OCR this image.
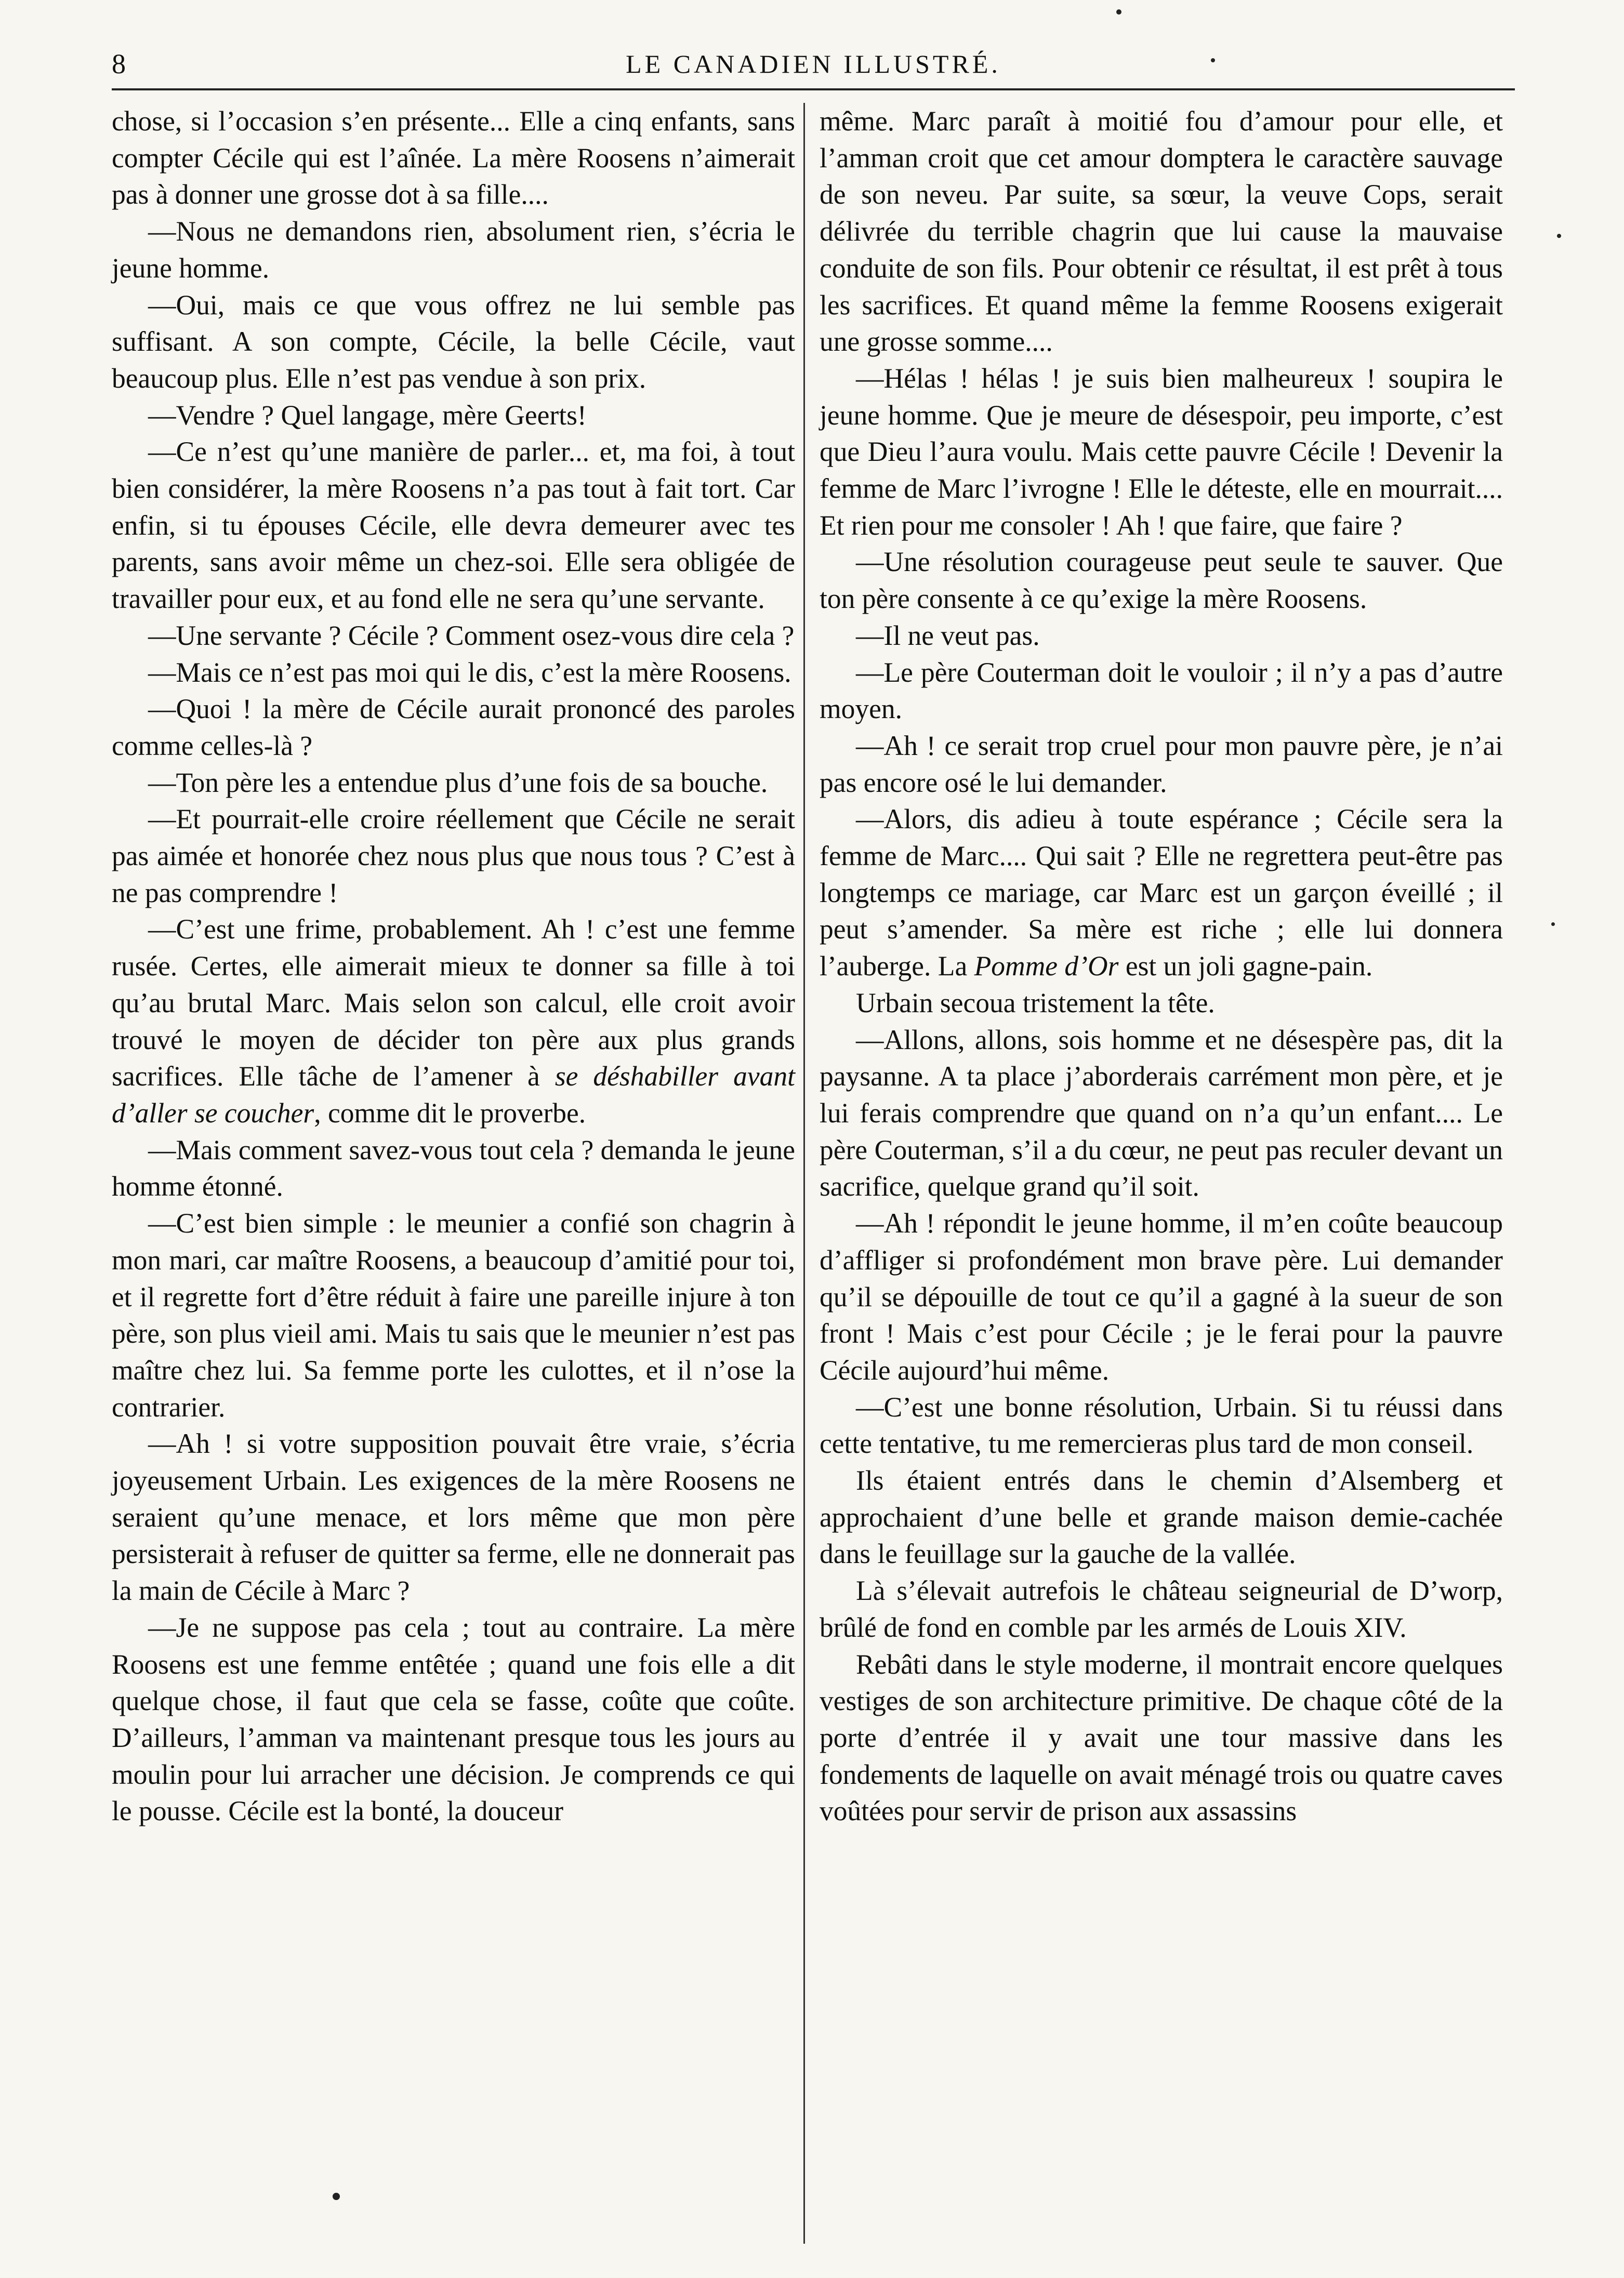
8	LE CANADIEN ILLUSTRÉ.

chose, si l’occasion s’en présente... Elle a cinq enfants, sans compter Cécile qui est l’aînée. La mère Roosens n’aimerait pas à donner une grosse dot à sa fille....

—Nous ne demandons rien, absolument rien, s’écria le jeune homme.

—Oui, mais ce que vous offrez ne lui semble pas suffisant. A son compte, Cécile, la belle Cécile, vaut beaucoup plus. Elle n’est pas vendue à son prix.

—Vendre ? Quel langage, mère Geerts!

—Ce n’est qu’une manière de parler... et, ma foi, à tout bien considérer, la mère Roosens n’a pas tout à fait tort. Car enfin, si tu épouses Cécile, elle devra demeurer avec tes parents, sans avoir même un chez-soi. Elle sera obligée de travailler pour eux, et au fond elle ne sera qu’une servante.

—Une servante ? Cécile ? Comment osez-vous dire cela ?

—Mais ce n’est pas moi qui le dis, c’est la mère Roosens.

—Quoi ! la mère de Cécile aurait prononcé des paroles comme celles-là ?

—Ton père les a entendue plus d’une fois de sa bouche.

—Et pourrait-elle croire réellement que Cécile ne serait pas aimée et honorée chez nous plus que nous tous ? C’est à ne pas comprendre !

—C’est une frime, probablement. Ah ! c’est une femme rusée. Certes, elle aimerait mieux te donner sa fille à toi qu’au brutal Marc. Mais selon son calcul, elle croit avoir trouvé le moyen de décider ton père aux plus grands sacrifices. Elle tâche de l’amener à se déshabiller avant d’aller se coucher, comme dit le proverbe.

—Mais comment savez-vous tout cela ? demanda le jeune homme étonné.

—C’est bien simple : le meunier a confié son chagrin à mon mari, car maître Roosens, a beaucoup d’amitié pour toi, et il regrette fort d’être réduit à faire une pareille injure à ton père, son plus vieil ami. Mais tu sais que le meunier n’est pas maître chez lui. Sa femme porte les culottes, et il n’ose la contrarier.

—Ah ! si votre supposition pouvait être vraie, s’écria joyeusement Urbain. Les exigences de la mère Roosens ne seraient qu’une menace, et lors même que mon père persisterait à refuser de quitter sa ferme, elle ne donnerait pas la main de Cécile à Marc ?

—Je ne suppose pas cela ; tout au contraire. La mère Roosens est une femme entêtée ; quand une fois elle a dit quelque chose, il faut que cela se fasse, coûte que coûte. D’ailleurs, l’amman va maintenant presque tous les jours au moulin pour lui arracher une décision. Je comprends ce qui le pousse. Cécile est la bonté, la douceur

même. Marc paraît à moitié fou d’amour pour elle, et l’amman croit que cet amour domptera le caractère sauvage de son neveu. Par suite, sa sœur, la veuve Cops, serait délivrée du terrible chagrin que lui cause la mauvaise conduite de son fils. Pour obtenir ce résultat, il est prêt à tous les sacrifices. Et quand même la femme Roosens exigerait une grosse somme....

—Hélas ! hélas ! je suis bien malheureux ! soupira le jeune homme. Que je meure de désespoir, peu importe, c’est que Dieu l’aura voulu. Mais cette pauvre Cécile ! Devenir la femme de Marc l’ivrogne ! Elle le déteste, elle en mourrait.... Et rien pour me consoler ! Ah ! que faire, que faire ?

—Une résolution courageuse peut seule te sauver. Que ton père consente à ce qu’exige la mère Roosens.

—Il ne veut pas.

—Le père Couterman doit le vouloir ; il n’y a pas d’autre moyen.

—Ah ! ce serait trop cruel pour mon pauvre père, je n’ai pas encore osé le lui demander.

—Alors, dis adieu à toute espérance ; Cécile sera la femme de Marc.... Qui sait ? Elle ne regrettera peut-être pas longtemps ce mariage, car Marc est un garçon éveillé ; il peut s’amender. Sa mère est riche ; elle lui donnera l’auberge. La Pomme d’Or est un joli gagne-pain.

Urbain secoua tristement la tête.

—Allons, allons, sois homme et ne désespère pas, dit la paysanne. A ta place j’aborderais carrément mon père, et je lui ferais comprendre que quand on n’a qu’un enfant.... Le père Couterman, s’il a du cœur, ne peut pas reculer devant un sacrifice, quelque grand qu’il soit.

—Ah ! répondit le jeune homme, il m’en coûte beaucoup d’affliger si profondément mon brave père. Lui demander qu’il se dépouille de tout ce qu’il a gagné à la sueur de son front ! Mais c’est pour Cécile ; je le ferai pour la pauvre Cécile aujourd’hui même.

—C’est une bonne résolution, Urbain. Si tu réussi dans cette tentative, tu me remercieras plus tard de mon conseil.

Ils étaient entrés dans le chemin d’Alsemberg et approchaient d’une belle et grande maison demie-cachée dans le feuillage sur la gauche de la vallée.

Là s’élevait autrefois le château seigneurial de D’worp, brûlé de fond en comble par les armés de Louis XIV.

Rebâti dans le style moderne, il montrait encore quelques vestiges de son architecture primitive. De chaque côté de la porte d’entrée il y avait une tour massive dans les fondements de laquelle on avait ménagé trois ou quatre caves voûtées pour servir de prison aux assassins
